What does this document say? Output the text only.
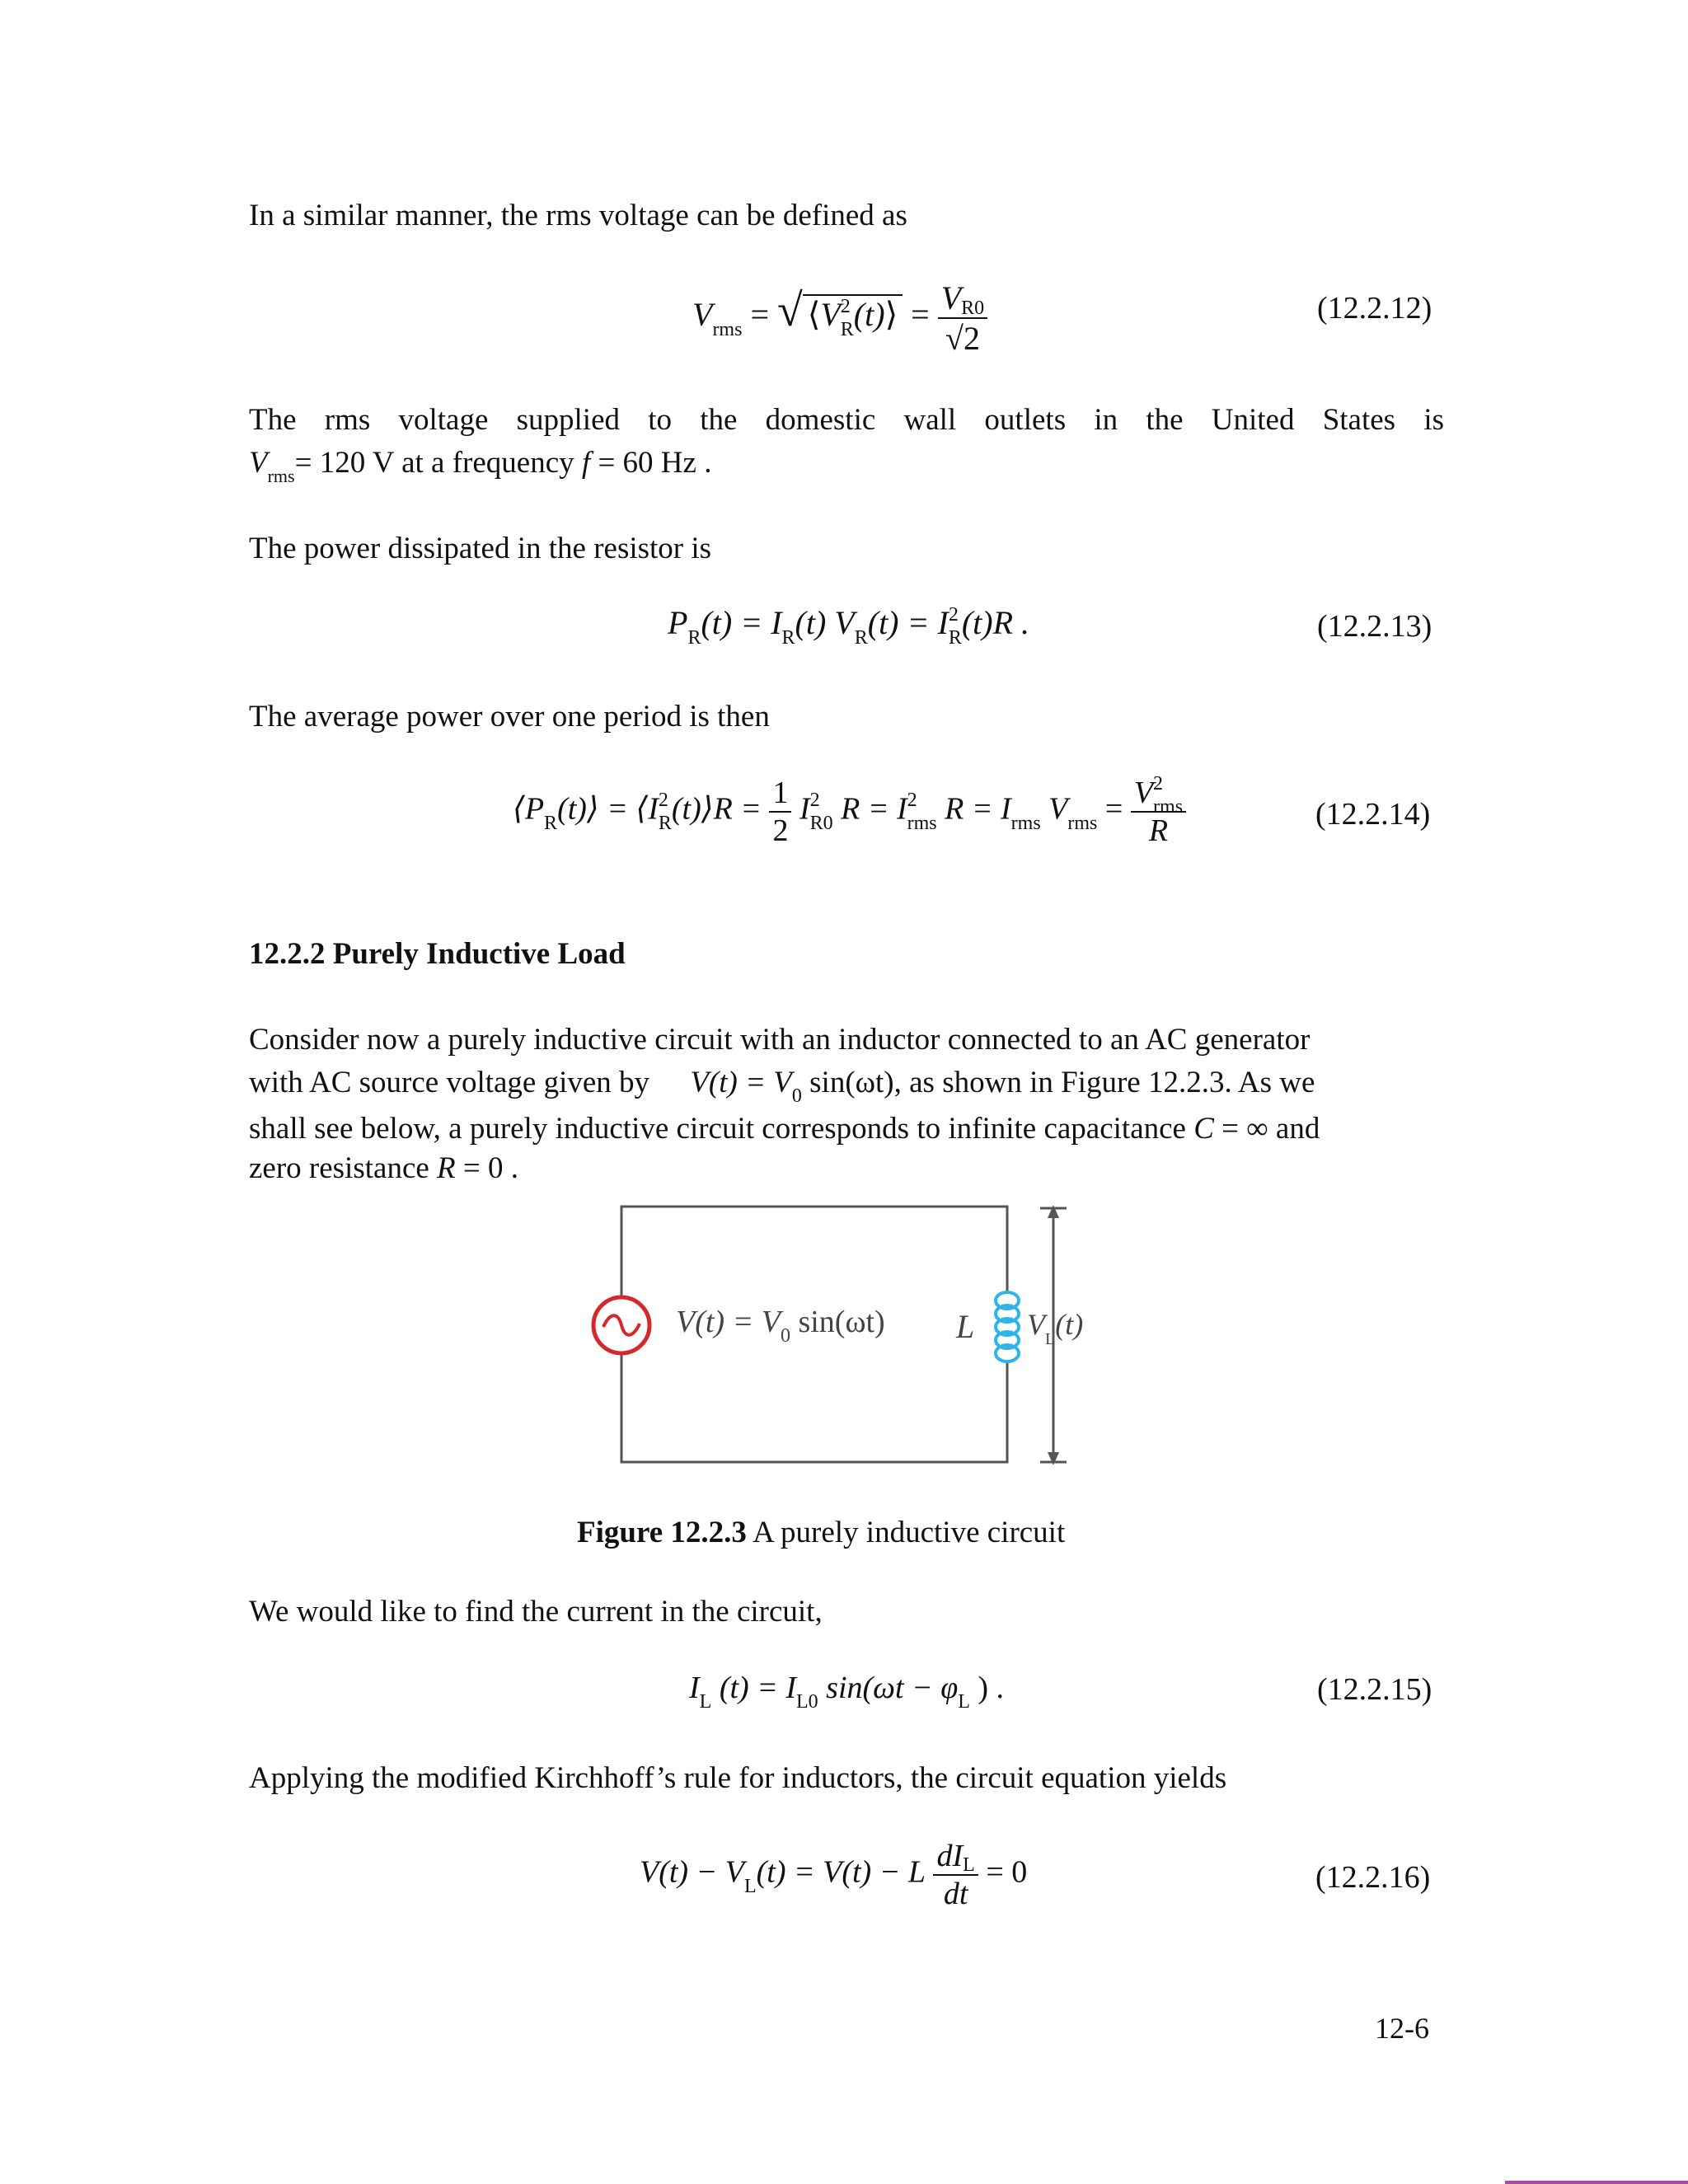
In a similar manner, the rms voltage can be defined as
$V_{rms}$ = √ $⟨V^2_R(t)⟩ = \frac{VR0}{√2}$	(12.2.12)
The rms voltage supplied to the domestic wall outlets in the United States is
$V_{rms}= 120$ V at a frequency f = 60 Hz .
The power dissipated in the resistor is
$P_R(t) = I_R(t) V_R(t) = I^2_R(t)R$ .	(12.2.13)
The average power over one period is then
$⟨P_R(t)⟩$ = $⟨I^2_R(t)⟩R = \frac{1}{2} I^2_{R0}$ $R = I^2_{rms}$ $R = I_{rms}$ $V_{rms} = \frac{V^2_{rms}}{R}$	(12.2.14)
12.2.2 Purely Inductive Load
Consider now a purely inductive circuit with an inductor connected to an AC generator
with AC source voltage given by $V(t) = V_0$ sin(ωt), as shown in Figure 12.2.3. As we
shall see below, a purely inductive circuit corresponds to infinite capacitance C = ∞ and
zero resistance R = 0 .
$V(t) = V_0$ sin(ωt) L $V_L(t)$
Figure 12.2.3 A purely inductive circuit
We would like to find the current in the circuit,
$I_L$ $(t) = I_{L0}$ $\sin(\omega t - \varphi_L$ ) .	(12.2.15)
Applying the modified Kirchhoff’s rule for inductors, the circuit equation yields
$V(t) - V_L(t) = V(t) - L \frac{\text{dIL}}{dt} = 0$	(12.2.16)
12-6
